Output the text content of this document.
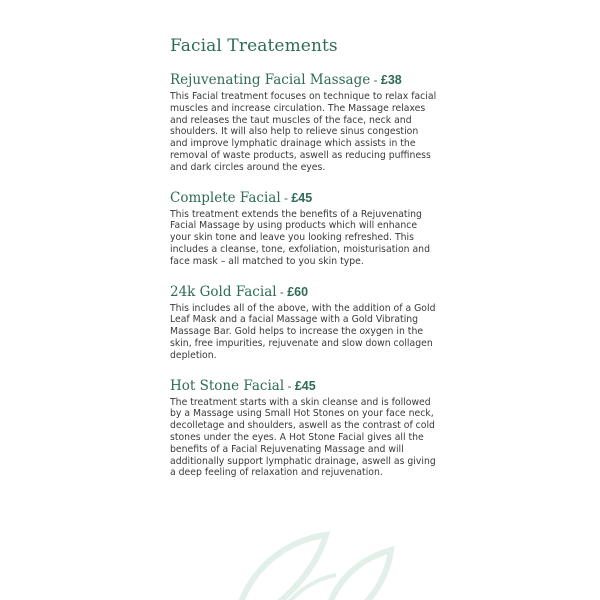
Facial Treatements
Rejuvenating Facial Massage - £38

This Facial treatment focuses on technique to relax facial muscles and increase circulation. The Massage relaxes and releases the taut muscles of the face, neck and shoulders. It will also help to relieve sinus congestion and improve lymphatic drainage which assists in the removal of waste products, aswell as reducing puffiness and dark circles around the eyes.

Complete Facial - £45

This treatment extends the benefits of a Rejuvenating Facial Massage by using products which will enhance your skin tone and leave you looking refreshed. This includes a cleanse, tone, exfoliation, moisturisation and face mask – all matched to you skin type.

24k Gold Facial - £60

This includes all of the above, with the addition of a Gold Leaf Mask and a facial Massage with a Gold Vibrating Massage Bar. Gold helps to increase the oxygen in the skin, free impurities, rejuvenate and slow down collagen depletion.

Hot Stone Facial - £45

The treatment starts with a skin cleanse and is followed by a Massage using Small Hot Stones on your face neck, decolletage and shoulders, aswell as the contrast of cold stones under the eyes. A Hot Stone Facial gives all the benefits of a Facial Rejuvenating Massage and will additionally support lymphatic drainage, aswell as giving a deep feeling of relaxation and rejuvenation.
